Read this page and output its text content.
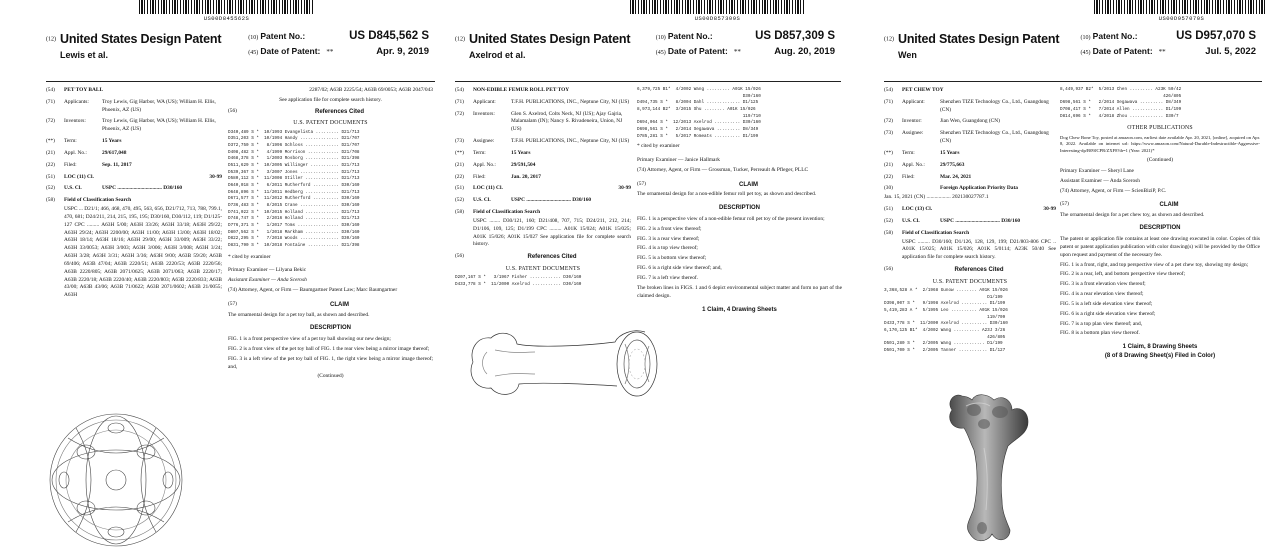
US00D845562S
(12) United States Design Patent
Lewis et al.
(10)
Patent No.:	US D845,562 S
(45)
Date of Patent: **	Apr. 9, 2019
(54)	PET TOY BALL
(71)	Applicants:	Troy Lewis, Gig Harbor, WA (US); William H. Ellis, Phoenix, AZ (US)
(72)	Inventors:	Troy Lewis, Gig Harbor, WA (US); William H. Ellis, Phoenix, AZ (US)
(**)	Term:	15 Years
(21)	Appl. No.:	29/617,048
(22)	Filed:	Sep. 11, 2017
(51)	LOC (11) Cl.	30-99
(52)	U.S. Cl.	USPC ................................. D30/160
(58)	Field of Classification Search
USPC ... D21/1; 466, 468, 470, 495, 563, 656, D21/712, 713, 788, 799.1, 470, 681; D24/211, 214, 215, 195, 195; D30/160, D30/112, 119; D1/125-127 CPC ......... A63H 5/00; A63H 33/26; A63H 33/18; A63H 29/22; A63H 29/24; A63H 2200/00; A63H 11/00; A63H 13/00; A63H 18/02; A63H 18/14; A63H 18/16; A63H 29/00; A63H 33/009; A63H 33/22; A63H 33/0053; A63H 3/003; A63H 3/006; A63H 3/008; A63H 3/24; A63H 3/28; A63H 3/31; A63H 3/36; A63H 9/00; A63B 59/20; A63B 69/406; A63B 47/04; A63B 2220/51; A63B 2220/53; A63B 2220/56; A63B 2220/805; A63B 2071/0625; A63B 2071/063; A63B 2220/17; A63B 2220/18; A63B 2220/40; A63B 2220/803; A63B 2220/833; A63B 43/00; A63B 43/06; A63B 71/0622; A63B 2071/0602; A63B 21/0055; A63H
2287/02; A63B 2225/54; A63B 69/0053; A63B 2047/043
See application file for complete search history.
(56)	References Cited
U.S. PATENT DOCUMENTS
D340,489 S *  10/1993 Evangelista ......... D21/713
D351,203 S *  10/1994 Handy ............... D21/707
D372,750 S *   8/1996 Schloss ............. D21/707
D408,482 S *   4/1999 Morrison ............ D21/708
D468,378 S *   1/2003 Rosborg ............. D21/398
D511,629 S *  10/2005 Willinger ........... D21/713
D539,367 S *   3/2007 Jones ............... D21/713
D580,112 S *  11/2008 Stiller ............. D21/713
D640,018 S *   6/2011 Rutherford .......... D30/160
D648,896 S *  11/2011 Hedberg ............. D21/713
D671,577 S *  11/2012 Rutherford .......... D30/160
D736,483 S *   8/2015 Crane ............... D30/160
D741,022 S *  10/2015 Holland ............. D21/713
D748,747 S *   2/2016 Holland ............. D21/713
D776,371 S *   1/2017 Toms ................ D30/160
D807,562 S *   1/2018 Markham ............. D30/160
D822,295 S *   7/2018 Woods ............... D30/160
D831,790 S *  10/2018 Fontaine ............ D21/398
* cited by examiner
Primary Examiner — Lilyana Bekic
Assistant Examiner — Anda Scerosh
(74) Attorney, Agent, or Firm — Baumgartner Patent Law; Marc Baumgartner
(57)	CLAIM
The ornamental design for a pet toy ball, as shown and described.
DESCRIPTION
FIG. 1 is a front perspective view of a pet toy ball showing our new design;
FIG. 2 is a front view of the pet toy ball of FIG. 1 the rear view being a mirror image thereof;
FIG. 3 is a left view of the pet toy ball of FIG. 1, the right view being a mirror image thereof; and,
(Continued)
US00D857309S
(12) United States Design Patent
Axelrod et al.
(10)
Patent No.:	US D857,309 S
(45)
Date of Patent: **	Aug. 20, 2019
(54)	NON-EDIBLE FEMUR ROLL PET TOY
(71)	Applicant:	T.F.H. PUBLICATIONS, INC., Neptune City, NJ (US)
(72)	Inventors:	Glen S. Axelrod, Colts Neck, NJ (US); Ajay Gajria, Malamalam (IN); Nancy S. Rivadeneira, Union, NJ (US)
(73)	Assignee:	T.F.H. PUBLICATIONS, INC., Neptune City, NJ (US)
(**)	Term:	15 Years
(21)	Appl. No.:	29/591,504
(22)	Filed:	Jan. 20, 2017
(51)	LOC (11) Cl.	30-99
(52)	U.S. Cl.	USPC ................................. D30/160
(58)	Field of Classification Search
USPC ........ D30/121, 160; D21/408, 707, 715; D24/211, 212, 214; D1/106, 109, 125; D1/199 CPC ......... A01K 15/024; A01K 15/025; A01K 15/026; A01K 15/027 See application file for complete search history.
(56)	References Cited
U.S. PATENT DOCUMENTS
D207,167 S *   3/1967 Fisher ............ D30/160
D433,778 S *  11/2000 Axelrod ........... D30/160
6,379,725 B1*  4/2002 Wang ......... A01K 15/026
D30/160
D494,735 S *   8/2004 Dahl ............. D1/125
8,973,144 B2*  3/2015 Shu ........ A01K 15/026
119/710
D694,064 S *  12/2013 Axelrod .......... D30/160
D698,561 S *   2/2014 Segawava ......... D8/349
D785,281 S *   5/2017 Romeats .......... D1/199
* cited by examiner
Primary Examiner — Janice Hallmark
(74) Attorney, Agent, or Firm — Grossman, Tucker, Perreault & Pfleger, PLLC
(57)	CLAIM
The ornamental design for a non-edible femur roll pet toy, as shown and described.
DESCRIPTION
FIG. 1 is a perspective view of a non-edible femur roll pet toy of the present invention;
FIG. 2 is a front view thereof;
FIG. 3 is a rear view thereof;
FIG. 4 is a top view thereof;
FIG. 5 is a bottom view thereof;
FIG. 6 is a right side view thereof; and,
FIG. 7 is a left view thereof.
The broken lines in FIGS. 1 and 6 depict environmental subject matter and form no part of the claimed design.
1 Claim, 4 Drawing Sheets
US00D957070S
(12) United States Design Patent
Wen
(10)
Patent No.:	US D957,070 S
(45)
Date of Patent: **	Jul. 5, 2022
(54)	PET CHEW TOY
(71)	Applicant:	Shenzhen TIZE Technology Co., Ltd., Guangdong (CN)
(72)	Inventor:	Jian Wen, Guangdong (CN)
(73)	Assignee:	Shenzhen TIZE Technology Co., Ltd., Guangdong (CN)
(**)	Term:	15 Years
(21)	Appl. No.:	29/775,663
(22)	Filed:	Mar. 24, 2021
(30)	Foreign Application Priority Data
Jan. 15, 2021 (CN) .................. 202130027787.1
(51)	LOC (13) Cl.	30-99
(52)	U.S. Cl.	USPC ................................. D30/160
(58)	Field of Classification Search
USPC ......... D30/160; D1/126, 128, 129, 199; D21/803-806 CPC .. A01K 15/025; A01K 15/026; A01K 5/0114; A23K 50/40 See application file for complete search history.
(56)	References Cited
U.S. PATENT DOCUMENTS
3,368,528 A *  2/1968 Gunow ........ A01K 15/026
D1/199
D398,007 S *   9/1998 Axelrod .......... D1/199
5,419,283 A *  5/1995 Leo .......... A01K 15/026
119/709
D433,778 S *  11/2000 Axelrod .......... D30/160
6,170,125 B1*  4/2002 Wang .......... A23J 3/26
426/805
D501,280 S *   2/2005 Wang ............ D1/199
D501,700 S *   2/2005 Tanner ........... D1/127
8,449,937 B2*  5/2013 Chen ......... A23K 50/42
426/805
D698,561 S *   2/2014 Segawava ......... D8/349
D708,417 S *   7/2014 Allen ............ D1/199
D814,696 S *   4/2018 Zhou ............. D30/7
OTHER PUBLICATIONS
Dog Chew Bone Toy, posted at amazon.com, earliest date available Apr. 20, 2021, [online], acquired on Apr. 8, 2022. Available on internet url: https://www.amazon.com/Natural-Durable-Indestructible-Aggressive-Interesting-dp/B09JCPR/ZXF8?th=1 (Year: 2021)*
(Continued)
Primary Examiner — Sheryl Lane
Assistant Examiner — Anda Scerosh
(74) Attorney, Agent, or Firm — ScienBiziP, P.C.
(57)	CLAIM
The ornamental design for a pet chew toy, as shown and described.
DESCRIPTION
The patent or application file contains at least one drawing executed in color. Copies of this patent or patent application publication with color drawing(s) will be provided by the Office upon request and payment of the necessary fee.
FIG. 1 is a front, right, and top perspective view of a pet chew toy, showing my design;
FIG. 2 is a rear, left, and bottom perspective view thereof;
FIG. 3 is a front elevation view thereof;
FIG. 4 is a rear elevation view thereof;
FIG. 5 is a left side elevation view thereof;
FIG. 6 is a right side elevation view thereof;
FIG. 7 is a top plan view thereof; and,
FIG. 8 is a bottom plan view thereof.
1 Claim, 8 Drawing Sheets
(8 of 8 Drawing Sheet(s) Filed in Color)
